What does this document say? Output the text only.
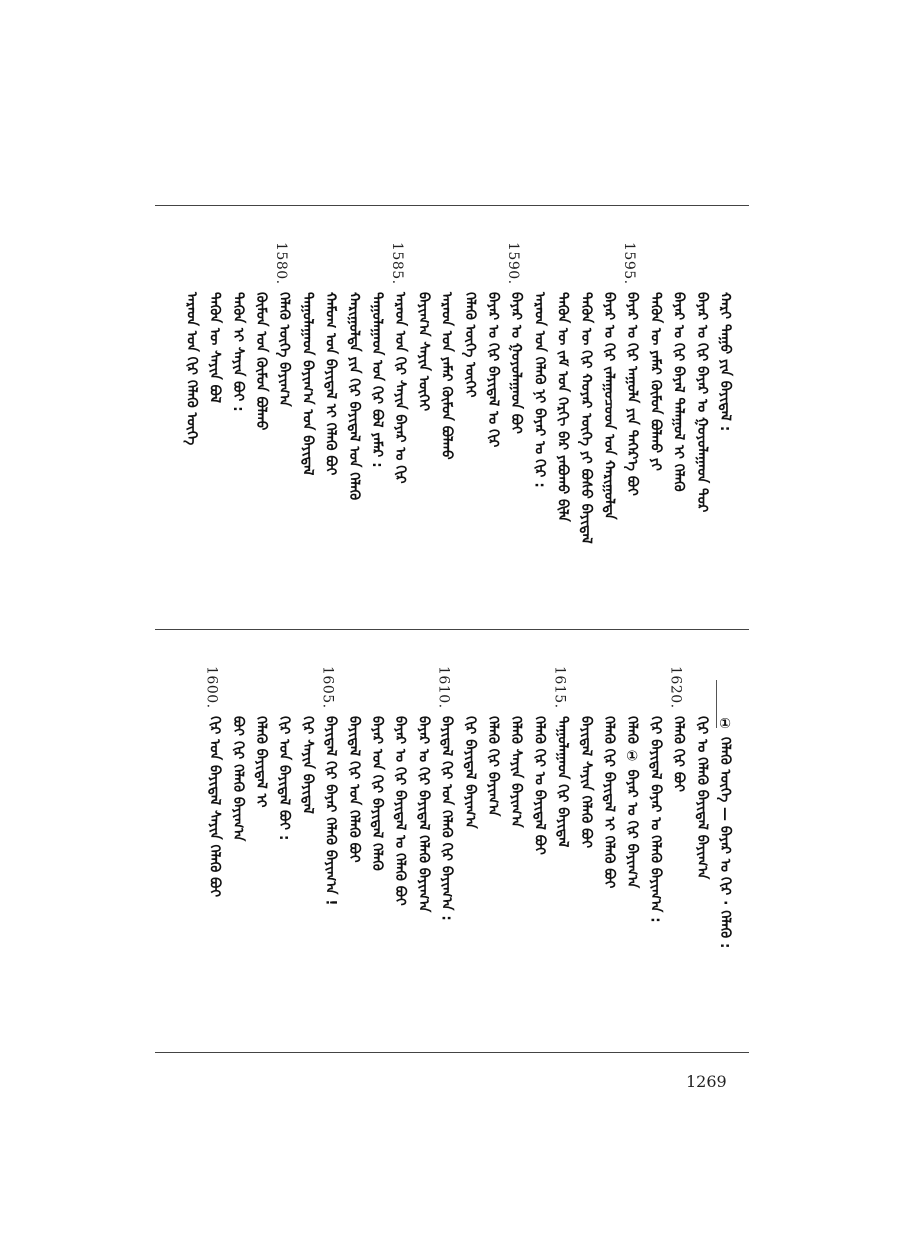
ᠬᠠᠷᠢ ᠳᠠᠭᠤ ᠶᠢᠨ ᠪᠠᠶᠢᠳᠠᠯ :
ᠪᠠᠶᠠᠷ ᠤ ᠬᠢᠷ ᠪᠠᠶᠠᠷ ᠤ ᠭᠤᠶᠤᠯᠠᠭᠠᠳ ᠳᠤᠷ
ᠪᠠᠶᠠᠷ ᠤ ᠬᠢᠷ ᠪᠠᠶᠠᠯ ᠲᠠᠯᠠᠭᠤᠯ ᠢ ᠬᠡᠯᠡᠬᠦ
ᠲᠡᠭᠦᠨ ᠦ ᠶᠠᠮᠠᠷ ᠬᠦᠮᠦᠨ ᠪᠤᠯᠬᠤ ᠶᠢ
1595.
ᠪᠠᠶᠠᠷ ᠤ ᠬᠢᠷ ᠠᠭᠤᠯᠠ ᠶᠢᠨ ᠳᠡᠭᠡᠷ᠎ᠡ ᠪᠤᠢ
ᠪᠠᠶᠠᠷ ᠤ ᠬᠢᠷ ᠵᠠᠯᠠᠭᠤᠴᠤᠳ ᠤᠨ ᠬᠠᠷᠢᠭᠤᠯᠲᠠ
ᠲᠡᠭᠦᠨ ᠦ ᠬᠢᠷ ᠬᠣᠶᠠᠷ ᠦᠭᠡ ᠶᠢ ᠪᠤᠰᠤ ᠪᠠᠶᠢᠳᠠᠯ
ᠲᠡᠭᠦᠨ ᠦ ᠵᠠᠮ ᠤᠨ ᠬᠡᠷᠬᠢ ᠪᠡᠷ ᠶᠠᠪᠤᠬᠤ ᠪᠢᠯᠡ
ᠠᠷᠠᠳ ᠤᠨ ᠬᠡᠯᠡᠬᠦ ᠨᠢ ᠪᠠᠶᠠᠷ ᠤ ᠬᠢᠷ :
1590.
ᠪᠠᠶᠠᠷ ᠤ ᠭᠤᠶᠤᠯᠠᠭᠠᠳ ᠪᠤᠢ
ᠪᠠᠶᠠᠷ ᠤ ᠬᠢᠷ ᠪᠠᠶᠢᠳᠠᠯ ᠤ ᠬᠢᠷ
ᠬᠡᠯᠡᠬᠦ ᠦᠭᠡ ᠦᠭᠡᠢ
ᠠᠷᠠᠳ ᠤᠨ ᠶᠠᠮᠠᠷ ᠬᠦᠮᠦᠨ ᠪᠤᠯᠬᠤ
ᠪᠠᠶᠢᠭ᠎ᠠ ᠰᠠᠶᠢᠨ ᠦᠭᠡᠢ
1585.
ᠠᠷᠠᠳ ᠤᠨ ᠬᠢᠷ ᠰᠠᠶᠢᠨ ᠪᠠᠶᠠᠷ ᠤ ᠬᠢᠷ
ᠲᠠᠭᠤᠯᠠᠭᠠᠳ ᠤᠨ ᠬᠢᠷ ᠪᠤᠯ ᠶᠠᠮᠠᠷ :
ᠬᠠᠷᠢᠭᠤᠯᠲᠠ ᠶᠢᠨ ᠬᠢᠷ ᠪᠠᠶᠢᠳᠠᠯ ᠤᠨ ᠬᠡᠯᠡᠬᠦ
ᠬᠠᠮᠤᠭ ᠤᠨ ᠪᠠᠶᠢᠳᠠᠯ ᠢ ᠬᠡᠯᠡᠬᠦ ᠪᠤᠢ
ᠲᠠᠭᠤᠯᠠᠭᠠᠳ ᠪᠠᠶᠢᠭ᠎ᠠ ᠤᠨ ᠪᠠᠶᠢᠳᠠᠯ
1580.
ᠬᠡᠯᠡᠬᠦ ᠦᠭᠡ ᠪᠠᠶᠢᠭ᠎ᠠ
ᠬᠦᠮᠦᠨ ᠤᠨ ᠬᠦᠮᠦᠨ ᠪᠤᠯᠬᠤ
ᠲᠡᠭᠦᠨ ᠢ ᠰᠠᠶᠢᠨ ᠪᠤᠢ :
ᠲᠡᠭᠦᠨ ᠦ ᠰᠠᠶᠢᠨ ᠪᠤᠯ
ᠠᠷᠠᠳ ᠤᠨ ᠬᠢᠷ ᠬᠡᠯᠡᠬᠦ ᠦᠭᠡ
① ᠬᠡᠯᠡᠬᠦ ᠦᠭᠡ — ᠪᠠᠶᠠᠷ ᠤ ᠬᠢᠷ · ᠬᠡᠯᠡᠬᠦ :
ᠬᠢᠷ ᠤ ᠬᠡᠯᠡᠬᠦ ᠪᠠᠶᠢᠳᠠᠯ ᠪᠠᠶᠢᠭ᠎ᠠ
1620.
ᠬᠡᠯᠡᠬᠦ ᠬᠢᠷ ᠪᠤᠢ
ᠬᠢᠷ ᠪᠠᠶᠢᠳᠠᠯ ᠪᠠᠶᠠᠷ ᠤ ᠬᠡᠯᠡᠬᠦ ᠪᠠᠶᠢᠭ᠎ᠠ :
ᠬᠡᠯᠡᠬᠦ ① ᠪᠠᠶᠠᠷ ᠤ ᠬᠢᠷ ᠪᠠᠶᠢᠭ᠎ᠠ
ᠬᠡᠯᠡᠬᠦ ᠬᠢᠷ ᠪᠠᠶᠢᠳᠠᠯ ᠢ ᠬᠡᠯᠡᠬᠦ ᠪᠤᠢ
ᠪᠠᠶᠢᠳᠠᠯ ᠰᠠᠶᠢᠨ ᠬᠡᠯᠡᠬᠦ ᠪᠤᠢ
1615.
ᠲᠠᠭᠤᠯᠠᠭᠠᠳ ᠬᠢᠷ ᠪᠠᠶᠢᠳᠠᠯ
ᠬᠡᠯᠡᠬᠦ ᠬᠢᠷ ᠤ ᠪᠠᠶᠢᠳᠠᠯ ᠪᠤᠢ
ᠬᠡᠯᠡᠬᠦ ᠰᠠᠶᠢᠨ ᠪᠠᠶᠢᠭ᠎ᠠ
ᠬᠡᠯᠡᠬᠦ ᠬᠢᠷ ᠪᠠᠶᠢᠭ᠎ᠠ
ᠬᠢᠷ ᠪᠠᠶᠢᠳᠠᠯ ᠪᠠᠶᠢᠭ᠎ᠠ
1610.
ᠪᠠᠶᠢᠳᠠᠯ ᠬᠢᠷ ᠤᠨ ᠬᠡᠯᠡᠬᠦ ᠬᠢᠷ ᠪᠠᠶᠢᠭ᠎ᠠ :
ᠪᠠᠶᠠᠷ ᠤ ᠬᠢᠷ ᠪᠠᠶᠢᠳᠠᠯ ᠬᠡᠯᠡᠬᠦ ᠪᠠᠶᠢᠭ᠎ᠠ
ᠪᠠᠶᠠᠷ ᠤ ᠬᠢᠷ ᠪᠠᠶᠢᠳᠠᠯ ᠤ ᠬᠡᠯᠡᠬᠦ ᠪᠤᠢ
ᠪᠠᠶᠠᠷ ᠤᠨ ᠬᠢᠷ ᠪᠠᠶᠢᠳᠠᠯ ᠬᠡᠯᠡᠬᠦ
ᠪᠠᠶᠢᠳᠠᠯ ᠬᠢᠷ ᠤᠨ ᠬᠡᠯᠡᠬᠦ ᠪᠤᠢ
1605.
ᠪᠠᠶᠢᠳᠠᠯ ᠬᠢᠷ ᠪᠠᠶᠠᠷ ᠬᠡᠯᠡᠬᠦ ᠪᠠᠶᠢᠭ᠎ᠠ !
ᠬᠢᠷ ᠰᠠᠶᠢᠨ ᠪᠠᠶᠢᠳᠠᠯ
ᠬᠢᠷ ᠤᠨ ᠪᠠᠶᠢᠳᠠᠯ ᠪᠤᠢ :
ᠬᠡᠯᠡᠬᠦ ᠪᠠᠶᠢᠳᠠᠯ ᠢ
ᠪᠤᠢ ᠬᠢᠷ ᠬᠡᠯᠡᠬᠦ ᠪᠠᠶᠢᠭ᠎ᠠ
1600.
ᠬᠢᠷ ᠤᠨ ᠪᠠᠶᠢᠳᠠᠯ ᠰᠠᠶᠢᠨ ᠬᠡᠯᠡᠬᠦ ᠪᠤᠢ
1269
